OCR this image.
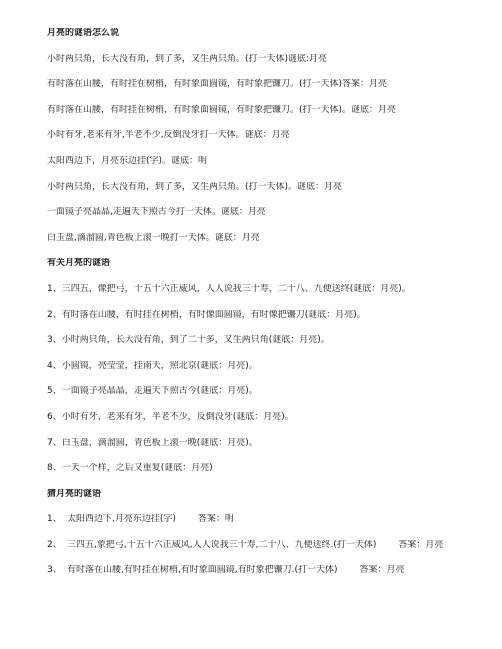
月亮的谜语怎么说
小时两只角，长大没有角，到了多，又生两只角。(打一天体)谜底:月亮
有时落在山腰，有时挂在树梢，有时象面圆镜，有时象把镰刀。(打一天体)答案：月亮
有时落在山腰，有时挂在树梢，有时象面圆镜，有时象把镰刀。(打一天体)。谜底：月亮
小时有牙,老来有牙,半老不少,反倒没牙打一天体。谜底：月亮
太阳西边下，月亮东边挂(字)。谜底：明
小时两只角，长大没有角，到了多，又生两只角。(打一天体)。谜底：月亮
一面镜子亮晶晶,走遍天下照古今打一天体。谜底：月亮
白玉盘,滴溜圆,青色板上滚一晚打一天体。谜底：月亮
有关月亮的谜语
1、三四五，像把弓，十五十六正威风，人人说我三十寿，二十八、九便送终(谜底：月亮)。
2、有时落在山腰，有时挂在树梢，有时像面圆镜，有时像把镰刀(谜底：月亮)。
3、小时两只角，长大没有角，到了二十多，又生两只角(谜底：月亮)。
4、小圆镜，亮莹莹，挂南天，照北京(谜底：月亮)。
5、一面镜子亮晶晶，走遍天下照古今(谜底：月亮)。
6、小时有牙，老来有牙，半老不少，反倒没牙(谜底：月亮)。
7、白玉盘，滴溜圆，青色板上滚一晚(谜底：月亮)。
8、一天一个样，之后又重复(谜底：月亮)
猜月亮的谜语
1、 太阳西边下,月亮东边挂(字) 答案：明
2、 三四五,象把弓,十五十六正威风,人人说我三十寿,二十八、九便送终.(打一天体) 答案：月亮
3、 有时落在山腰,有时挂在树梢,有时象面圆镜,有时象把镰刀.(打一天体) 答案：月亮
